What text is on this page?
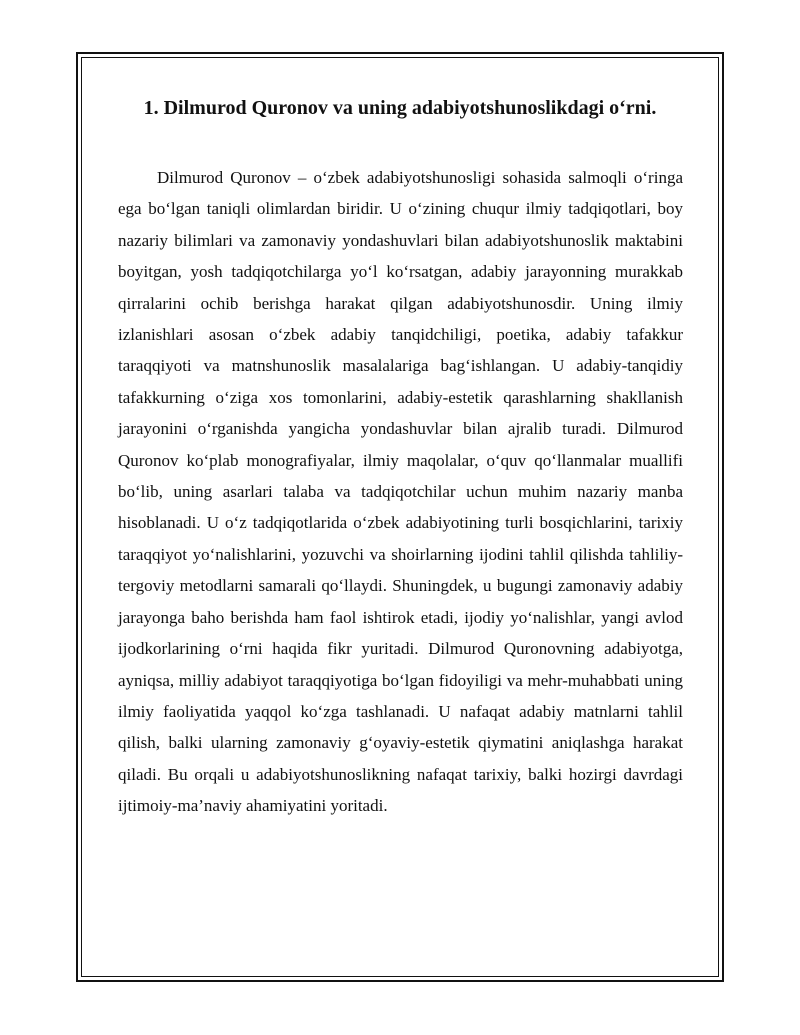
1. Dilmurod Quronov va uning adabiyotshunoslikdagi o‘rni.

Dilmurod Quronov – o‘zbek adabiyotshunosligi sohasida salmoqli o‘ringa ega bo‘lgan taniqli olimlardan biridir. U o‘zining chuqur ilmiy tadqiqotlari, boy nazariy bilimlari va zamonaviy yondashuvlari bilan adabiyotshunoslik maktabini boyitgan, yosh tadqiqotchilarga yo‘l ko‘rsatgan, adabiy jarayonning murakkab qirralarini ochib berishga harakat qilgan adabiyotshunosdir. Uning ilmiy izlanishlari asosan o‘zbek adabiy tanqidchiligi, poetika, adabiy tafakkur taraqqiyoti va matnshunoslik masalalariga bag‘ishlangan. U adabiy-tanqidiy tafakkurning o‘ziga xos tomonlarini, adabiy-estetik qarashlarning shakllanish jarayonini o‘rganishda yangicha yondashuvlar bilan ajralib turadi. Dilmurod Quronov ko‘plab monografiyalar, ilmiy maqolalar, o‘quv qo‘llanmalar muallifi bo‘lib, uning asarlari talaba va tadqiqotchilar uchun muhim nazariy manba hisoblanadi. U o‘z tadqiqotlarida o‘zbek adabiyotining turli bosqichlarini, tarixiy taraqqiyot yo‘nalishlarini, yozuvchi va shoirlarning ijodini tahlil qilishda tahliliy-tergoviy metodlarni samarali qo‘llaydi. Shuningdek, u bugungi zamonaviy adabiy jarayonga baho berishda ham faol ishtirok etadi, ijodiy yo‘nalishlar, yangi avlod ijodkorlarining o‘rni haqida fikr yuritadi. Dilmurod Quronovning adabiyotga, ayniqsa, milliy adabiyot taraqqiyotiga bo‘lgan fidoyiligi va mehr-muhabbati uning ilmiy faoliyatida yaqqol ko‘zga tashlanadi. U nafaqat adabiy matnlarni tahlil qilish, balki ularning zamonaviy g‘oyaviy-estetik qiymatini aniqlashga harakat qiladi. Bu orqali u adabiyotshunoslikning nafaqat tarixiy, balki hozirgi davrdagi ijtimoiy-ma’naviy ahamiyatini yoritadi.
